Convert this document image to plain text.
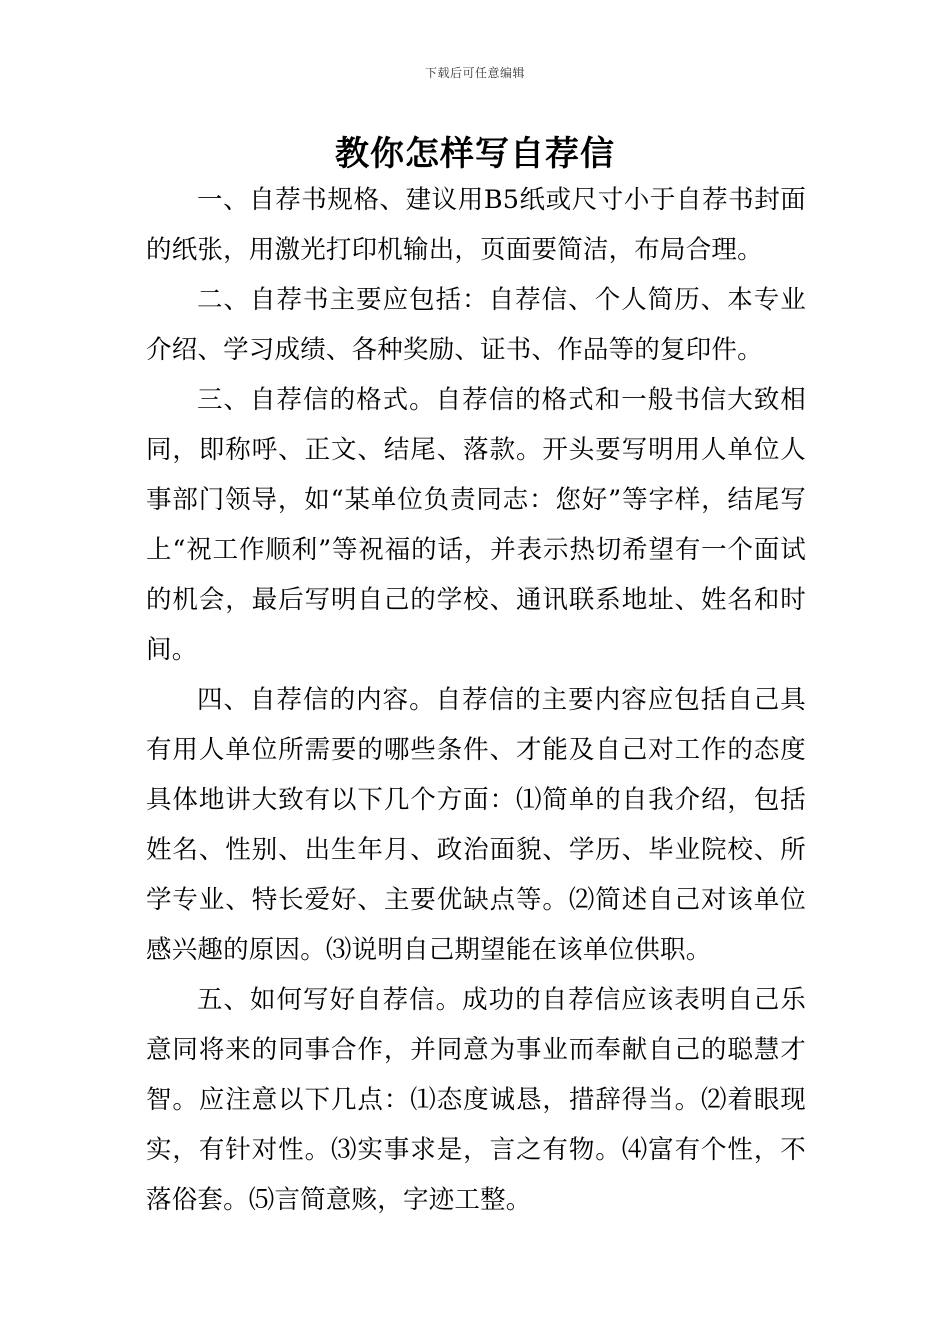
下载后可任意编辑
教你怎样写自荐信

一、自荐书规格、建议用B5纸或尺寸小于自荐书封面的纸张，用激光打印机输出，页面要简洁，布局合理。

二、自荐书主要应包括：自荐信、个人简历、本专业介绍、学习成绩、各种奖励、证书、作品等的复印件。

三、自荐信的格式。自荐信的格式和一般书信大致相同，即称呼、正文、结尾、落款。开头要写明用人单位人事部门领导，如“某单位负责同志：您好”等字样，结尾写上“祝工作顺利”等祝福的话，并表示热切希望有一个面试的机会，最后写明自己的学校、通讯联系地址、姓名和时间。

四、自荐信的内容。自荐信的主要内容应包括自己具有用人单位所需要的哪些条件、才能及自己对工作的态度具体地讲大致有以下几个方面：⑴简单的自我介绍，包括姓名、性别、出生年月、政治面貌、学历、毕业院校、所学专业、特长爱好、主要优缺点等。⑵简述自己对该单位感兴趣的原因。⑶说明自己期望能在该单位供职。

五、如何写好自荐信。成功的自荐信应该表明自己乐意同将来的同事合作，并同意为事业而奉献自己的聪慧才智。应注意以下几点：⑴态度诚恳，措辞得当。⑵着眼现实，有针对性。⑶实事求是，言之有物。⑷富有个性，不落俗套。⑸言简意赅，字迹工整。
